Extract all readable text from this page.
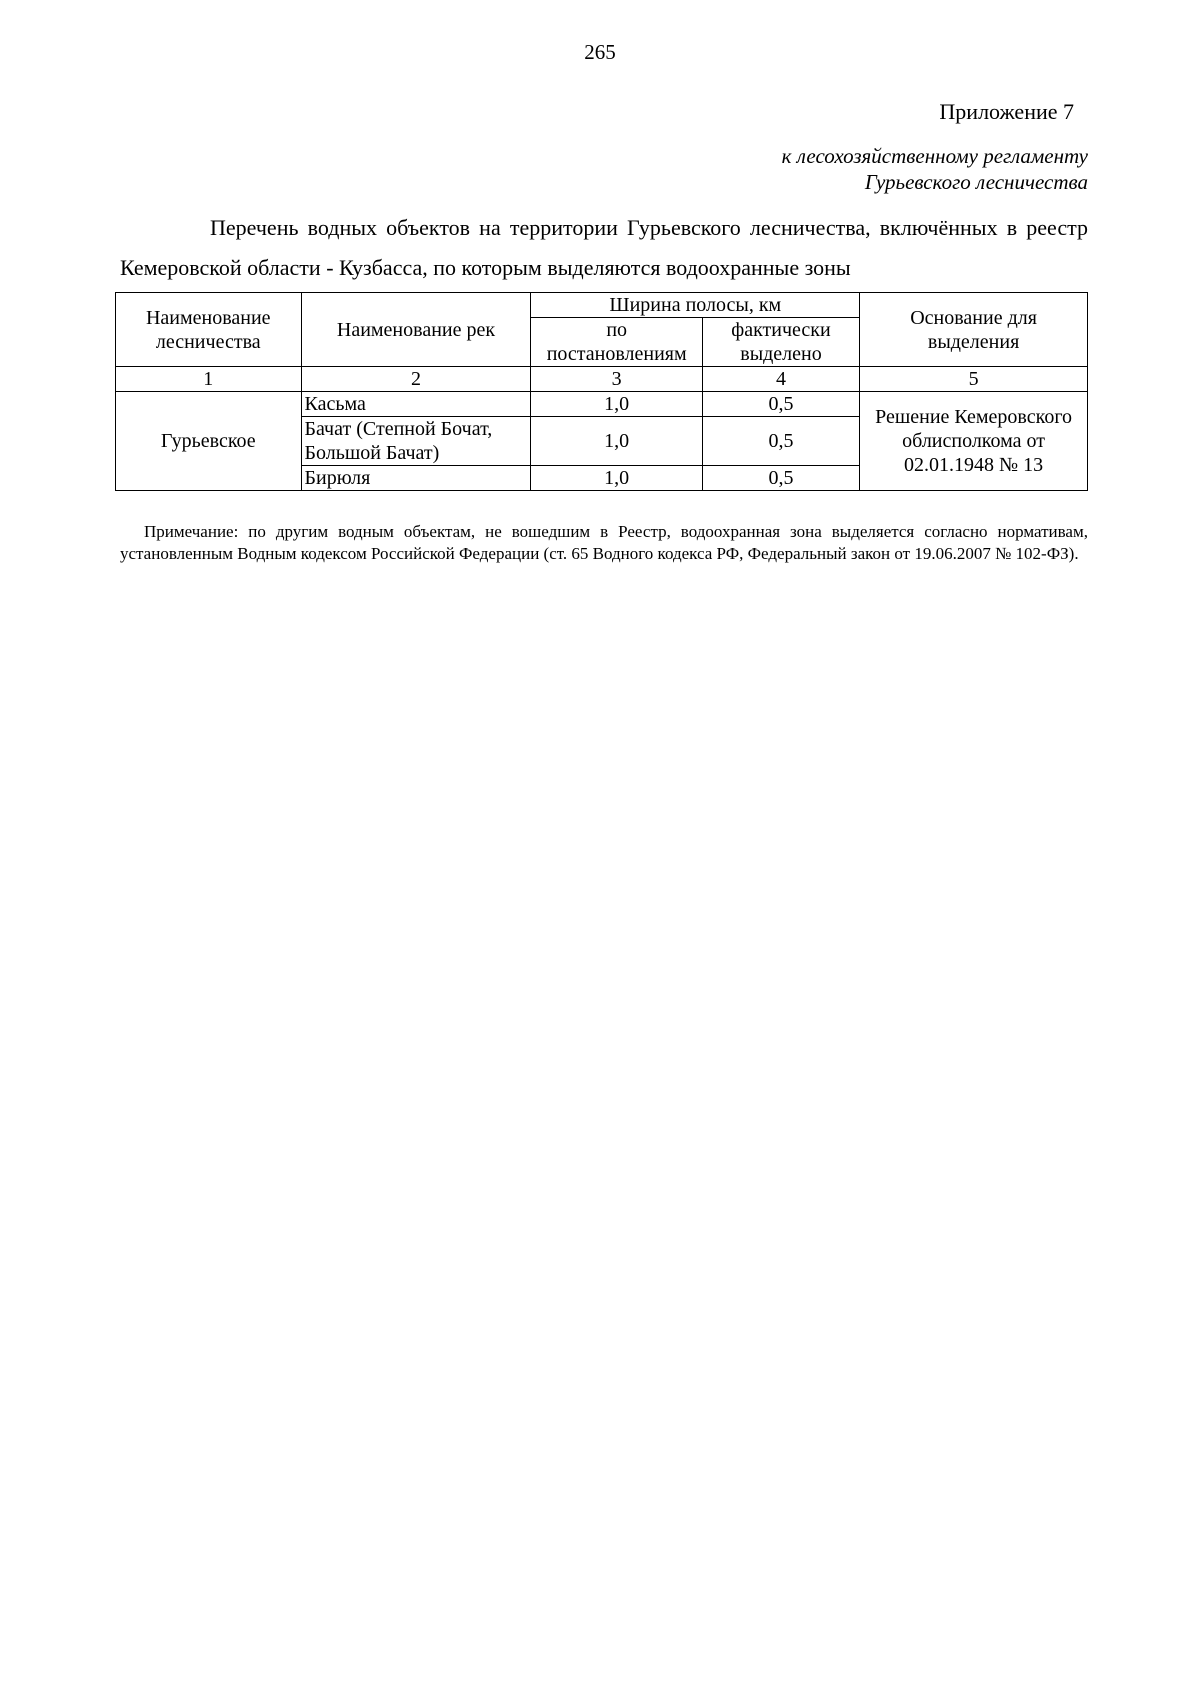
265
Приложение 7
к лесохозяйственному регламенту
Гурьевского лесничества
Перечень водных объектов на территории Гурьевского лесничества, включённых в реестр Кемеровской области - Кузбасса, по которым выделяются водоохранные зоны
Наименование лесничества	Наименование рек	Ширина полосы, км		Основание для выделения
		по постановлениям	фактически выделено	
1	2	3	4	5
Гурьевское	Касьма	1,0	0,5	Решение Кемеровского облисполкома от 02.01.1948 № 13
	Бачат (Степной Бочат, Большой Бачат)	1,0	0,5	
	Бирюля	1,0	0,5	
Примечание: по другим водным объектам, не вошедшим в Реестр, водоохранная зона выделяется согласно нормативам, установленным Водным кодексом Российской Федерации (ст. 65 Водного кодекса РФ, Федеральный закон от 19.06.2007 № 102-ФЗ).
